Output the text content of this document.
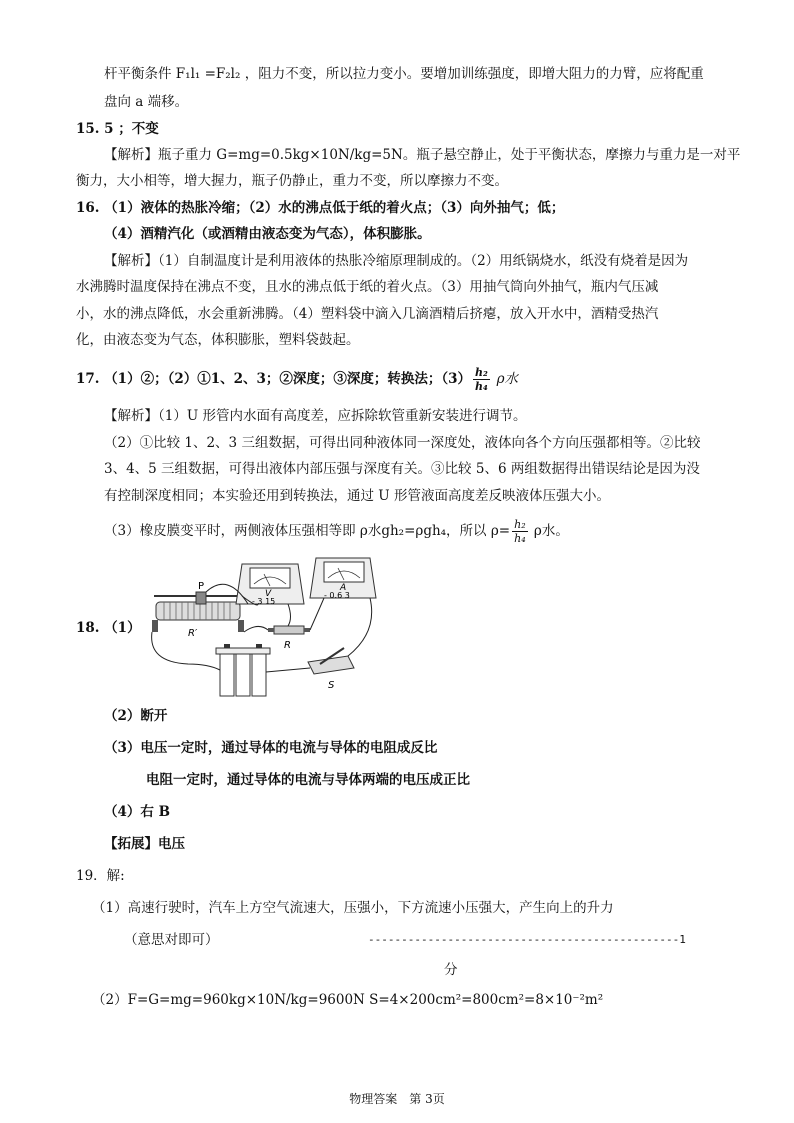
杆平衡条件 F₁l₁ =F₂l₂ ，阻力不变，所以拉力变小。要增加训练强度，即增大阻力的力臂，应将配重
盘向 a 端移。
15. 5 ；不变
【解析】瓶子重力 G=mg=0.5kg×10N/kg=5N。瓶子悬空静止，处于平衡状态，摩擦力与重力是一对平
衡力，大小相等，增大握力，瓶子仍静止，重力不变，所以摩擦力不变。
16. （1）液体的热胀冷缩；（2）水的沸点低于纸的着火点；（3）向外抽气；低；
（4）酒精汽化（或酒精由液态变为气态），体积膨胀。
【解析】（1）自制温度计是利用液体的热胀冷缩原理制成的。（2）用纸锅烧水，纸没有烧着是因为
水沸腾时温度保持在沸点不变，且水的沸点低于纸的着火点。（3）用抽气筒向外抽气，瓶内气压减
小，水的沸点降低，水会重新沸腾。（4）塑料袋中滴入几滴酒精后挤瘪，放入开水中，酒精受热汽
化，由液态变为气态，体积膨胀，塑料袋鼓起。
17. （1）②；（2）①1、2、3；②深度；③深度；转换法；$(3) \frac{\text{h₂}}{\text{h₄}}$ ρ水
【解析】（1）U 形管内水面有高度差，应拆除软管重新安装进行调节。
（2）①比较 1、2、3 三组数据，可得出同种液体同一深度处，液体向各个方向压强都相等。②比较
3、4、5 三组数据，可得出液体内部压强与深度有关。③比较 5、6 两组数据得出错误结论是因为没
有控制深度相同；本实验还用到转换法，通过 U 形管液面高度差反映液体压强大小。
（3）橡皮膜变平时，两侧液体压强相等即 ρ水gh₂=ρgh₄，所以 $\rho= \frac{\text{h₂}}{\text{h₄}}$ ρ水。
18. （1）
P
R′
V
- 3 15
A
- 0.6 3
R
S
（2）断开
（3）电压一定时，通过导体的电流与导体的电阻成反比
电阻一定时，通过导体的电流与导体两端的电压成正比
（4）右 B
【拓展】电压
19．解:
（1）高速行驶时，汽车上方空气流速大，压强小，下方流速小压强大，产生向上的升力
（意思对即可）	-----------------------------------------------1
分
（2）F=G=mg=960kg×10N/kg=9600N S=4×200cm²=800cm²=8×10⁻²m²
物理答案　第 3页
